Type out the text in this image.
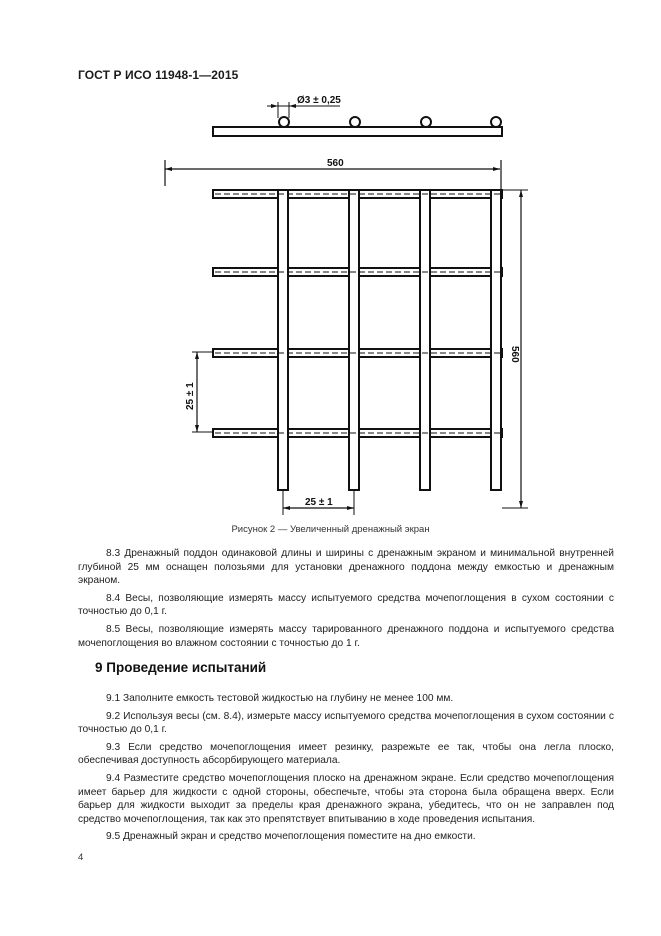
ГОСТ Р ИСО 11948-1—2015
Ø3 ± 0,25
560
560
25 ± 1
25 ± 1
Рисунок 2 — Увеличенный дренажный экран

8.3 Дренажный поддон одинаковой длины и ширины с дренажным экраном и минимальной внутренней глубиной 25 мм оснащен полозьями для установки дренажного поддона между емкостью и дренажным экраном.

8.4 Весы, позволяющие измерять массу испытуемого средства мочепоглощения в сухом состоянии с точностью до 0,1 г.

8.5 Весы, позволяющие измерять массу тарированного дренажного поддона и испытуемого средства мочепоглощения во влажном состоянии с точностью до 1 г.

9 Проведение испытаний

9.1 Заполните емкость тестовой жидкостью на глубину не менее 100 мм.

9.2 Используя весы (см. 8.4), измерьте массу испытуемого средства мочепоглощения в сухом состоянии с точностью до 0,1 г.

9.3 Если средство мочепоглощения имеет резинку, разрежьте ее так, чтобы она легла плоско, обеспечивая доступность абсорбирующего материала.

9.4 Разместите средство мочепоглощения плоско на дренажном экране. Если средство мочепоглощения имеет барьер для жидкости с одной стороны, обеспечьте, чтобы эта сторона была обращена вверх. Если барьер для жидкости выходит за пределы края дренажного экрана, убедитесь, что он не заправлен под средство мочепоглощения, так как это препятствует впитыванию в ходе проведения испытания.

9.5 Дренажный экран и средство мочепоглощения поместите на дно емкости.

4
